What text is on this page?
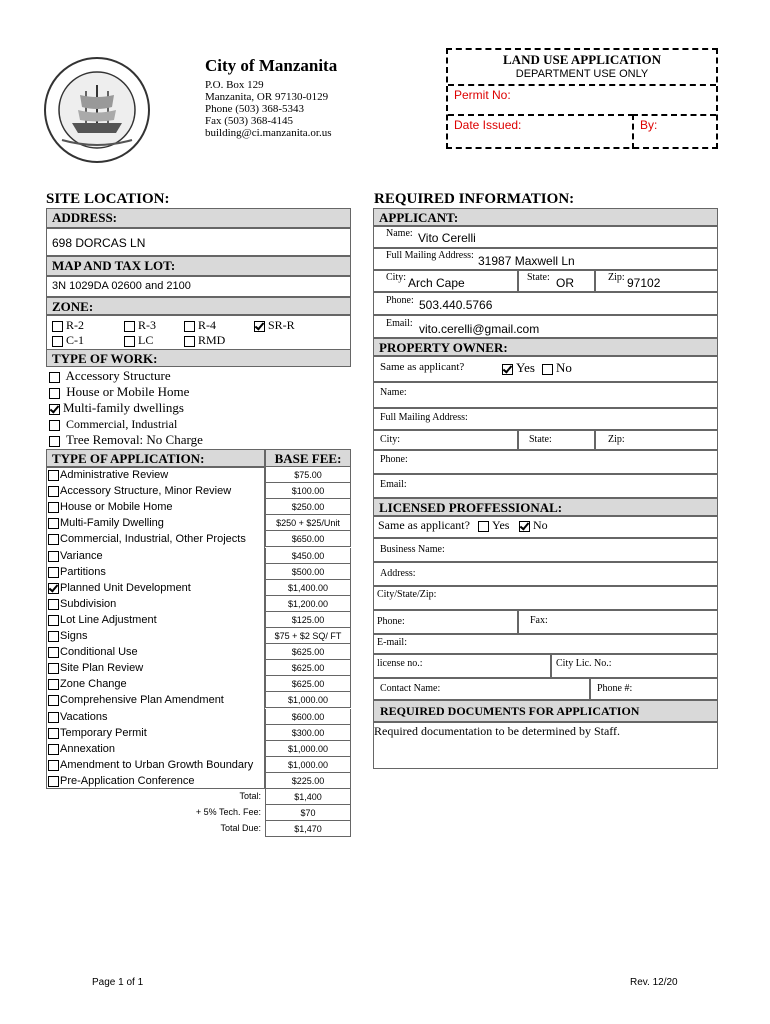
City of Manzanita
P.O. Box 129
Manzanita, OR 97130-0129
Phone (503) 368-5343
Fax (503) 368-4145
building@ci.manzanita.or.us
LAND USE APPLICATION
DEPARTMENT USE ONLY
Permit No:
Date Issued:	By:
SITE LOCATION:
ADDRESS:
698 DORCAS LN
MAP AND TAX LOT:
3N 1029DA 02600 and 2100
ZONE:
R-2	R-3	R-4	SR-R
C-1	LC	RMD
TYPE OF WORK:
Accessory Structure
House or Mobile Home
Multi-family dwellings
Commercial, Industrial
Tree Removal: No Charge
TYPE OF APPLICATION:	BASE FEE:
Administrative Review	$75.00
Accessory Structure, Minor Review	$100.00
House or Mobile Home	$250.00
Multi-Family Dwelling	$250 + $25/Unit
Commercial, Industrial, Other Projects	$650.00
Variance	$450.00
Partitions	$500.00
Planned Unit Development	$1,400.00
Subdivision	$1,200.00
Lot Line Adjustment	$125.00
Signs	$75 + $2 SQ/ FT
Conditional Use	$625.00
Site Plan Review	$625.00
Zone Change	$625.00
Comprehensive Plan Amendment	$1,000.00
Vacations	$600.00
Temporary Permit	$300.00
Annexation	$1,000.00
Amendment to Urban Growth Boundary	$1,000.00
Pre-Application Conference	$225.00
Total:	$1,400
+ 5% Tech. Fee:	$70
Total Due:	$1,470
REQUIRED INFORMATION:
APPLICANT:
Name: Vito Cerelli
Full Mailing Address: 31987 Maxwell Ln
City: Arch Cape	State: OR	Zip: 97102
Phone: 503.440.5766
Email: vito.cerelli@gmail.com
PROPERTY OWNER:
Same as applicant?	Yes	No
Name:
Full Mailing Address:
City:	State:	Zip:
Phone:
Email:
LICENSED PROFFESSIONAL:
Same as applicant?	Yes	No
Business Name:
Address:
City/State/Zip:
Phone:	Fax:
E-mail:
license no.:	City Lic. No.:
Contact Name:	Phone #:
REQUIRED DOCUMENTS FOR APPLICATION
Required documentation to be determined by Staff.
Page 1 of 1	Rev. 12/20
